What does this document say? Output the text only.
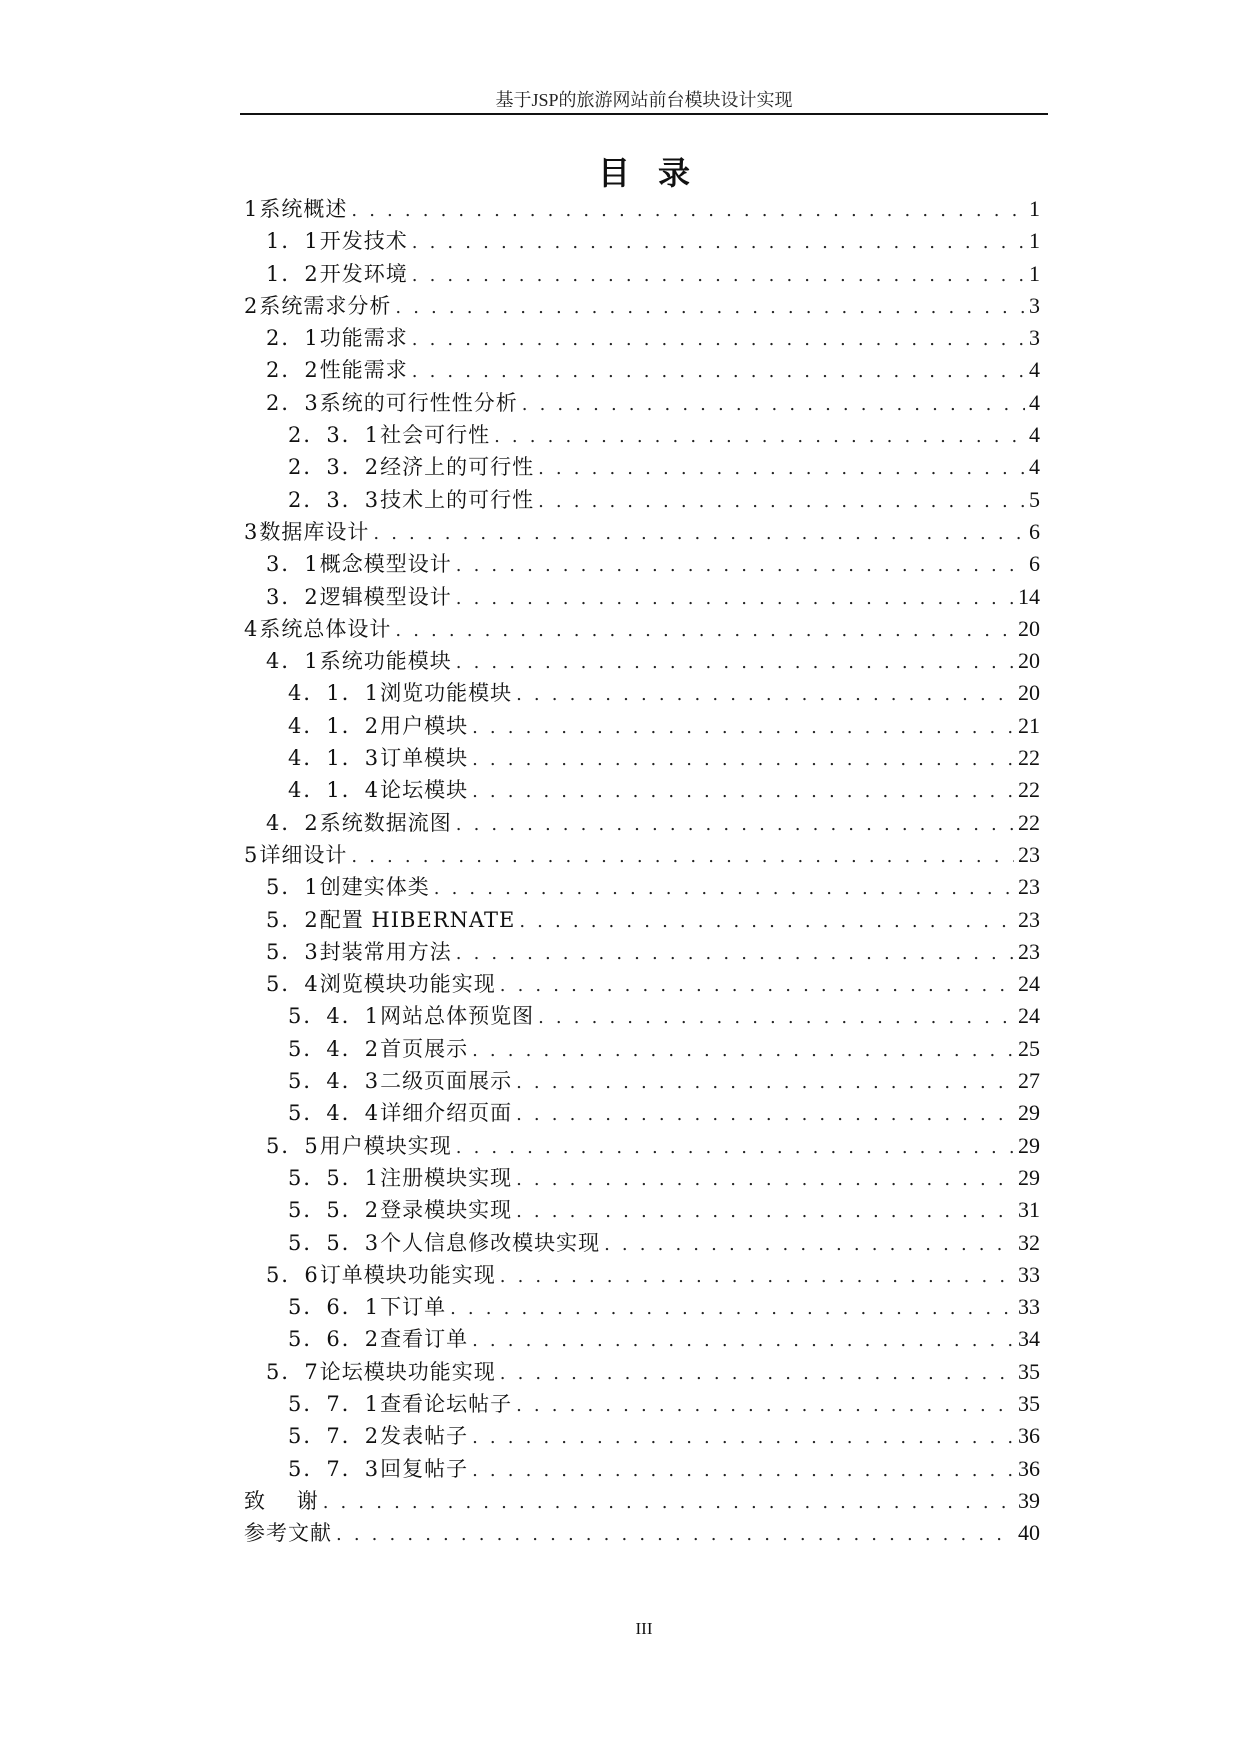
基于JSP的旅游网站前台模块设计实现
目录
1 系统概述 . . .	1
1．1 开发技术 . . .	1
1．2 开发环境 . . .	1
2 系统需求分析 . . .	3
2．1 功能需求 . . .	3
2．2 性能需求 . . .	4
2．3 系统的可行性性分析 . . .	4
2．3．1 社会可行性 . . .	4
2．3．2 经济上的可行性 . . .	4
2．3．3 技术上的可行性 . . .	5
3 数据库设计 . . .	6
3．1 概念模型设计 . . .	6
3．2 逻辑模型设计 . . .	14
4 系统总体设计 . . .	20
4．1 系统功能模块 . . .	20
4．1．1 浏览功能模块 . . .	20
4．1．2 用户模块 . . .	21
4．1．3 订单模块 . . .	22
4．1．4 论坛模块 . . .	22
4．2 系统数据流图 . . .	22
5 详细设计 . . .	23
5．1 创建实体类 . . .	23
5．2 配置 HIBERNATE . . .	23
5．3 封装常用方法 . . .	23
5．4 浏览模块功能实现 . . .	24
5．4．1 网站总体预览图 . . .	24
5．4．2 首页展示 . . .	25
5．4．3 二级页面展示 . . .	27
5．4．4 详细介绍页面 . . .	29
5．5 用户模块实现 . . .	29
5．5．1 注册模块实现 . . .	29
5．5．2 登录模块实现 . . .	31
5．5．3 个人信息修改模块实现 . . .	32
5．6 订单模块功能实现 . . .	33
5．6．1 下订单 . . .	33
5．6．2 查看订单 . . .	34
5．7 论坛模块功能实现 . . .	35
5．7．1 查看论坛帖子 . . .	35
5．7．2 发表帖子 . . .	36
5．7．3 回复帖子 . . .	36
致    谢 . . .	39
参考文献 . . .	40
III
